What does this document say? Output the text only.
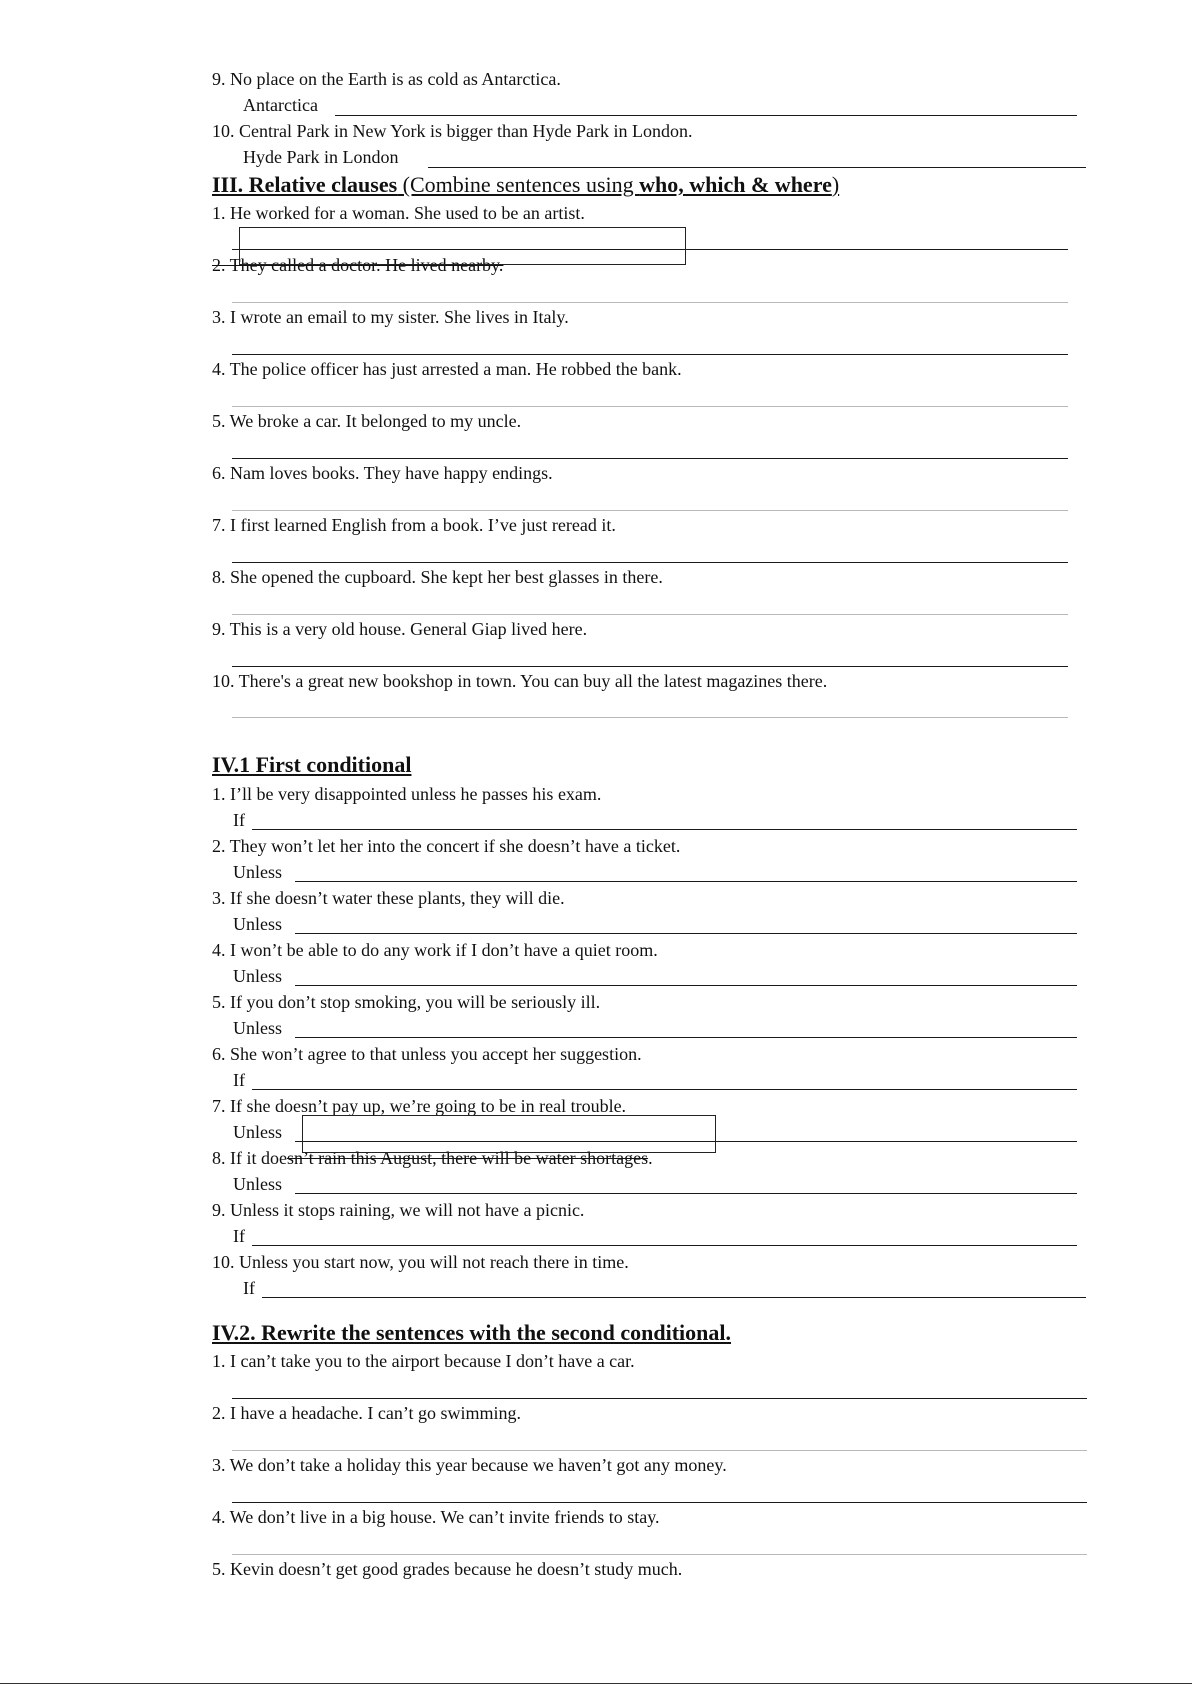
9. No place on the Earth is as cold as Antarctica.
Antarctica
10. Central Park in New York is bigger than Hyde Park in London.
Hyde Park in London
III. Relative clauses (Combine sentences using who, which & where)
1. He worked for a woman. She used to be an artist.
2. They called a doctor. He lived nearby.
3. I wrote an email to my sister. She lives in Italy.
4. The police officer has just arrested a man. He robbed the bank.
5. We broke a car. It belonged to my uncle.
6. Nam loves books. They have happy endings.
7. I first learned English from a book. I’ve just reread it.
8. She opened the cupboard. She kept her best glasses in there.
9. This is a very old house. General Giap lived here.
10. There's a great new bookshop in town. You can buy all the latest magazines there.
IV.1 First conditional
1. I’ll be very disappointed unless he passes his exam.
If
2. They won’t let her into the concert if she doesn’t have a ticket.
Unless
3. If she doesn’t water these plants, they will die.
Unless
4. I won’t be able to do any work if I don’t have a quiet room.
Unless
5. If you don’t stop smoking, you will be seriously ill.
Unless
6. She won’t agree to that unless you accept her suggestion.
If
7. If she doesn’t pay up, we’re going to be in real trouble.
Unless
8. If it doesn’t rain this August, there will be water shortages.
Unless
9. Unless it stops raining, we will not have a picnic.
If
10. Unless you start now, you will not reach there in time.
If
IV.2. Rewrite the sentences with the second conditional.
1. I can’t take you to the airport because I don’t have a car.
2. I have a headache. I can’t go swimming.
3. We don’t take a holiday this year because we haven’t got any money.
4. We don’t live in a big house. We can’t invite friends to stay.
5. Kevin doesn’t get good grades because he doesn’t study much.
